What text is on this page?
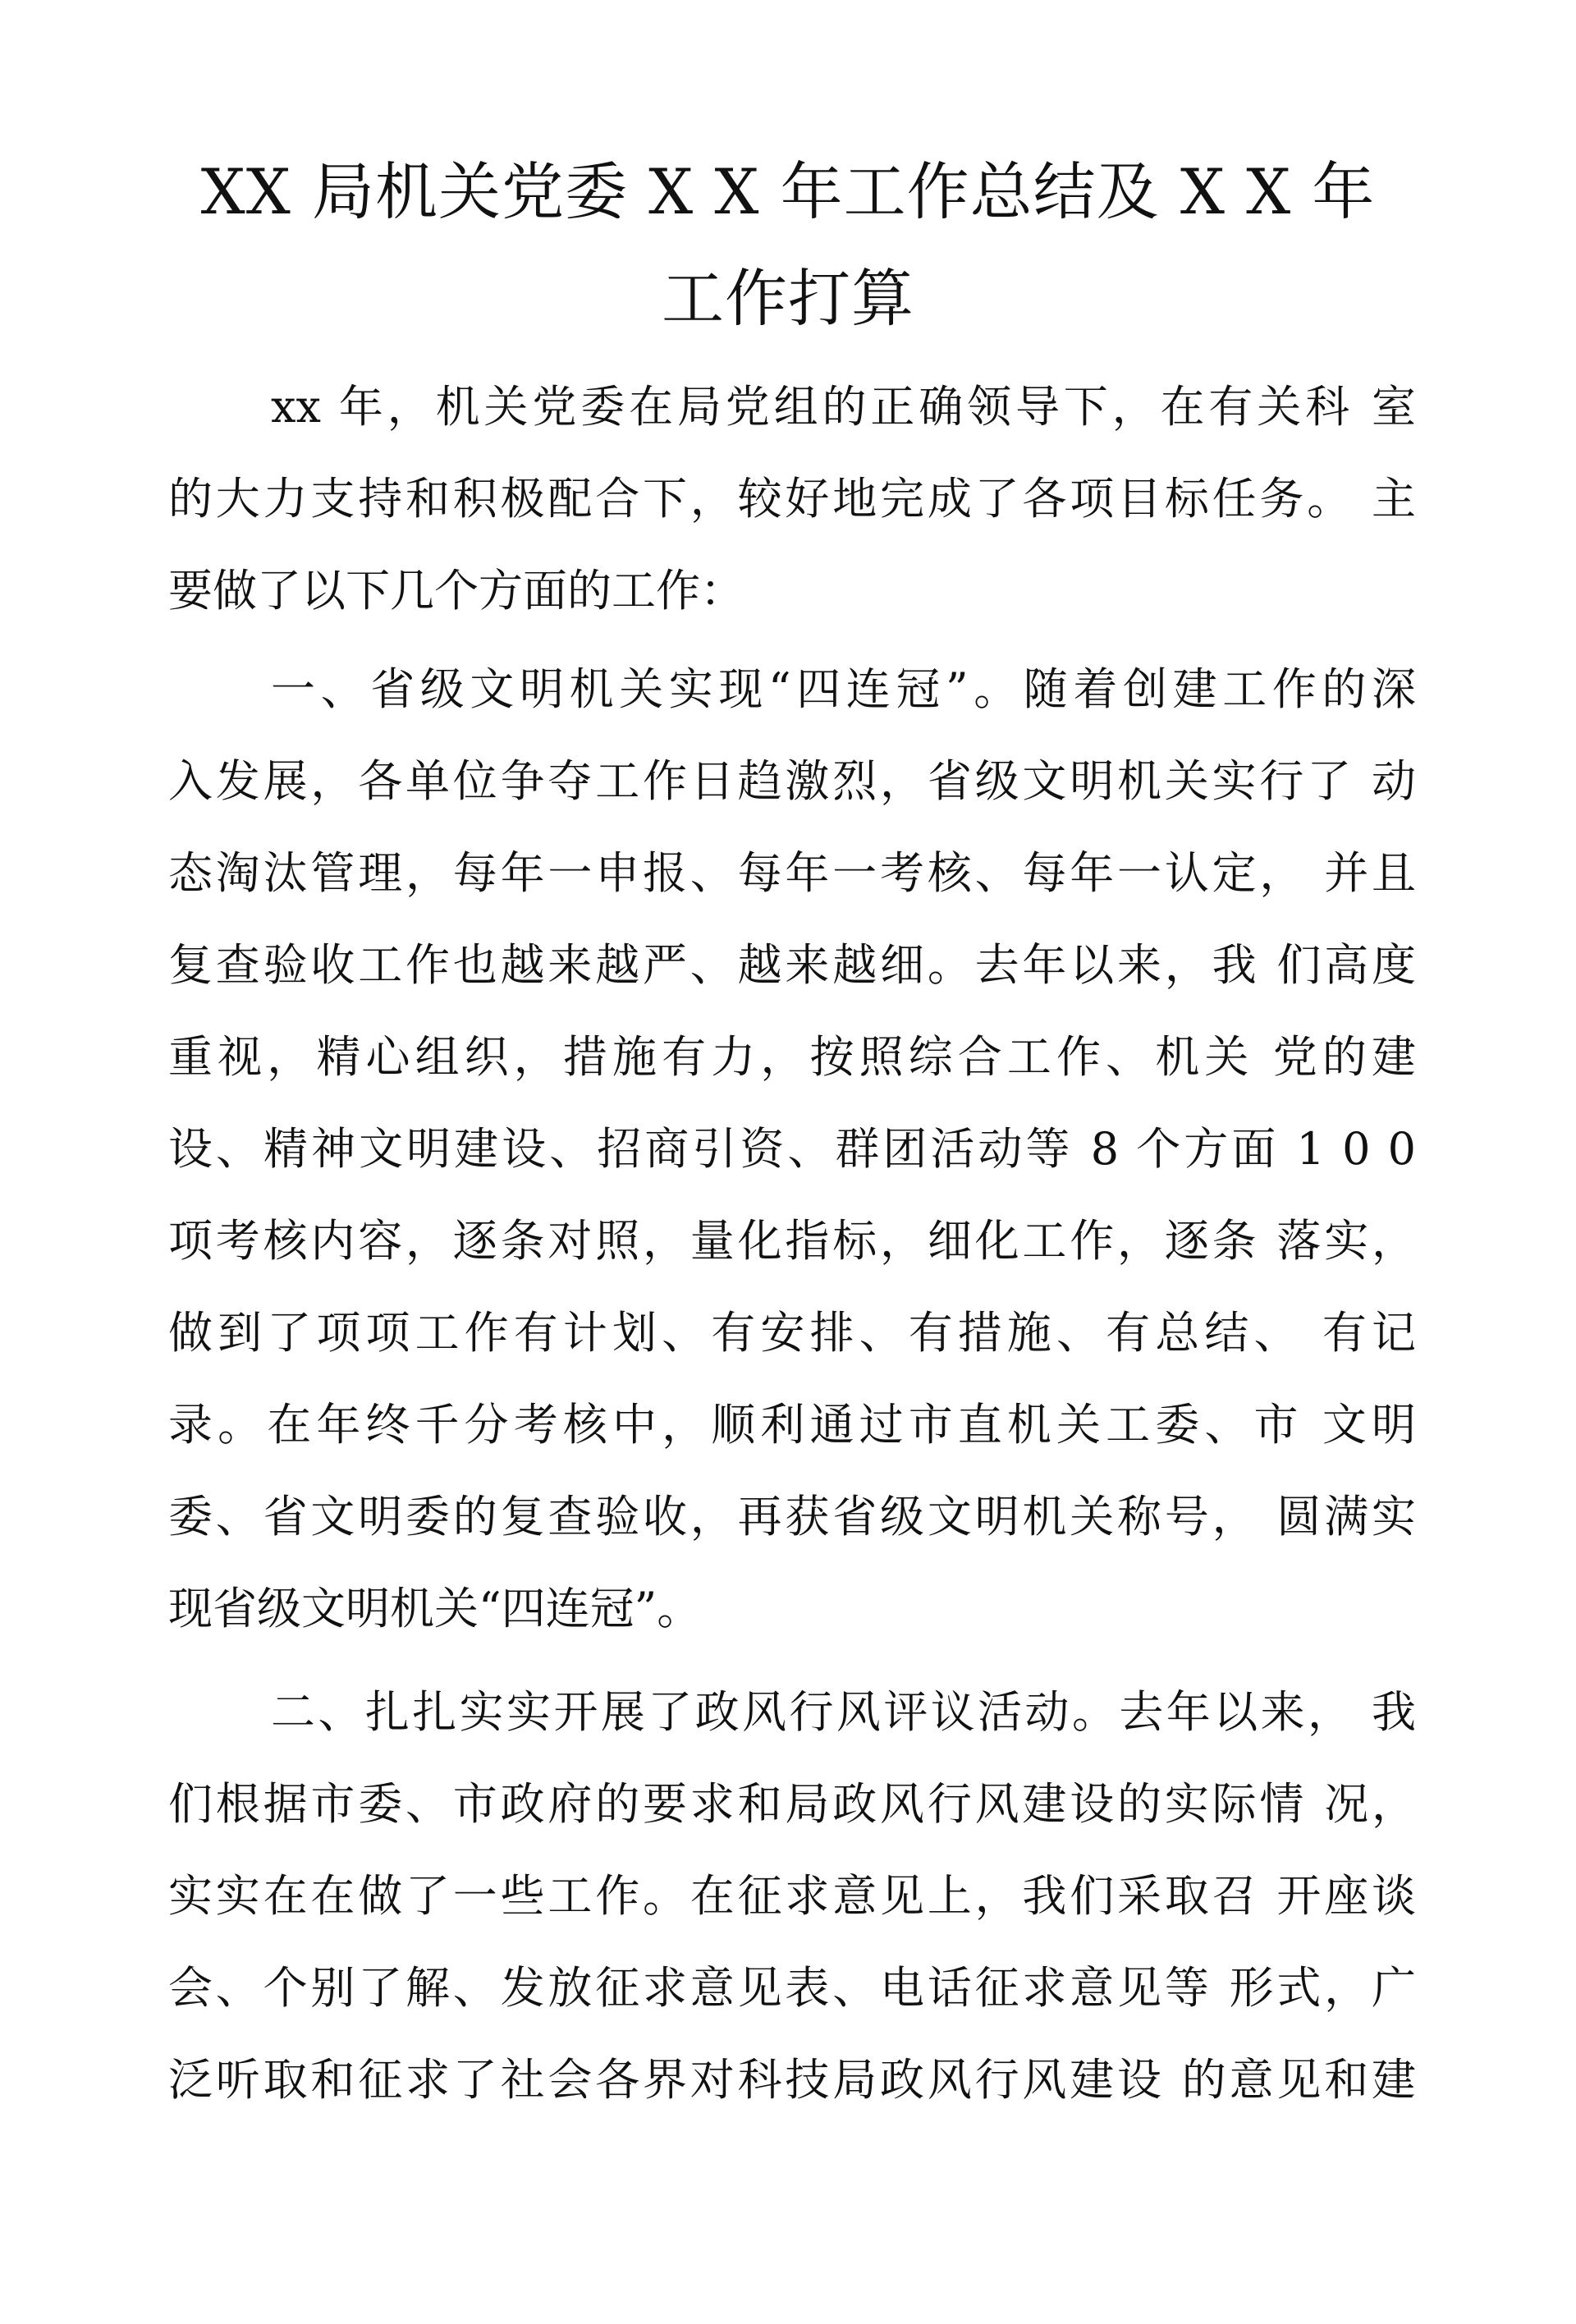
XX 局机关党委 X X 年工作总结及 X X 年
工作打算
xx 年，机关党委在局党组的正确领导下，在有关科 室
的大力支持和积极配合下，较好地完成了各项目标任务。 主
要做了以下几个方面的工作：
一、省级文明机关实现“四连冠”。随着创建工作的深
入发展，各单位争夺工作日趋激烈，省级文明机关实行了 动
态淘汰管理，每年一申报、每年一考核、每年一认定， 并且
复查验收工作也越来越严、越来越细。去年以来，我 们高度
重视，精心组织，措施有力，按照综合工作、机关 党的建
设、精神文明建设、招商引资、群团活动等 8 个方面 1 0 0
项考核内容，逐条对照，量化指标，细化工作，逐条 落实，
做到了项项工作有计划、有安排、有措施、有总结、 有记
录。在年终千分考核中，顺利通过市直机关工委、市 文明
委、省文明委的复查验收，再获省级文明机关称号， 圆满实
现省级文明机关“四连冠”。
二、扎扎实实开展了政风行风评议活动。去年以来， 我
们根据市委、市政府的要求和局政风行风建设的实际情 况，
实实在在做了一些工作。在征求意见上，我们采取召 开座谈
会、个别了解、发放征求意见表、电话征求意见等 形式，广
泛听取和征求了社会各界对科技局政风行风建设 的意见和建
